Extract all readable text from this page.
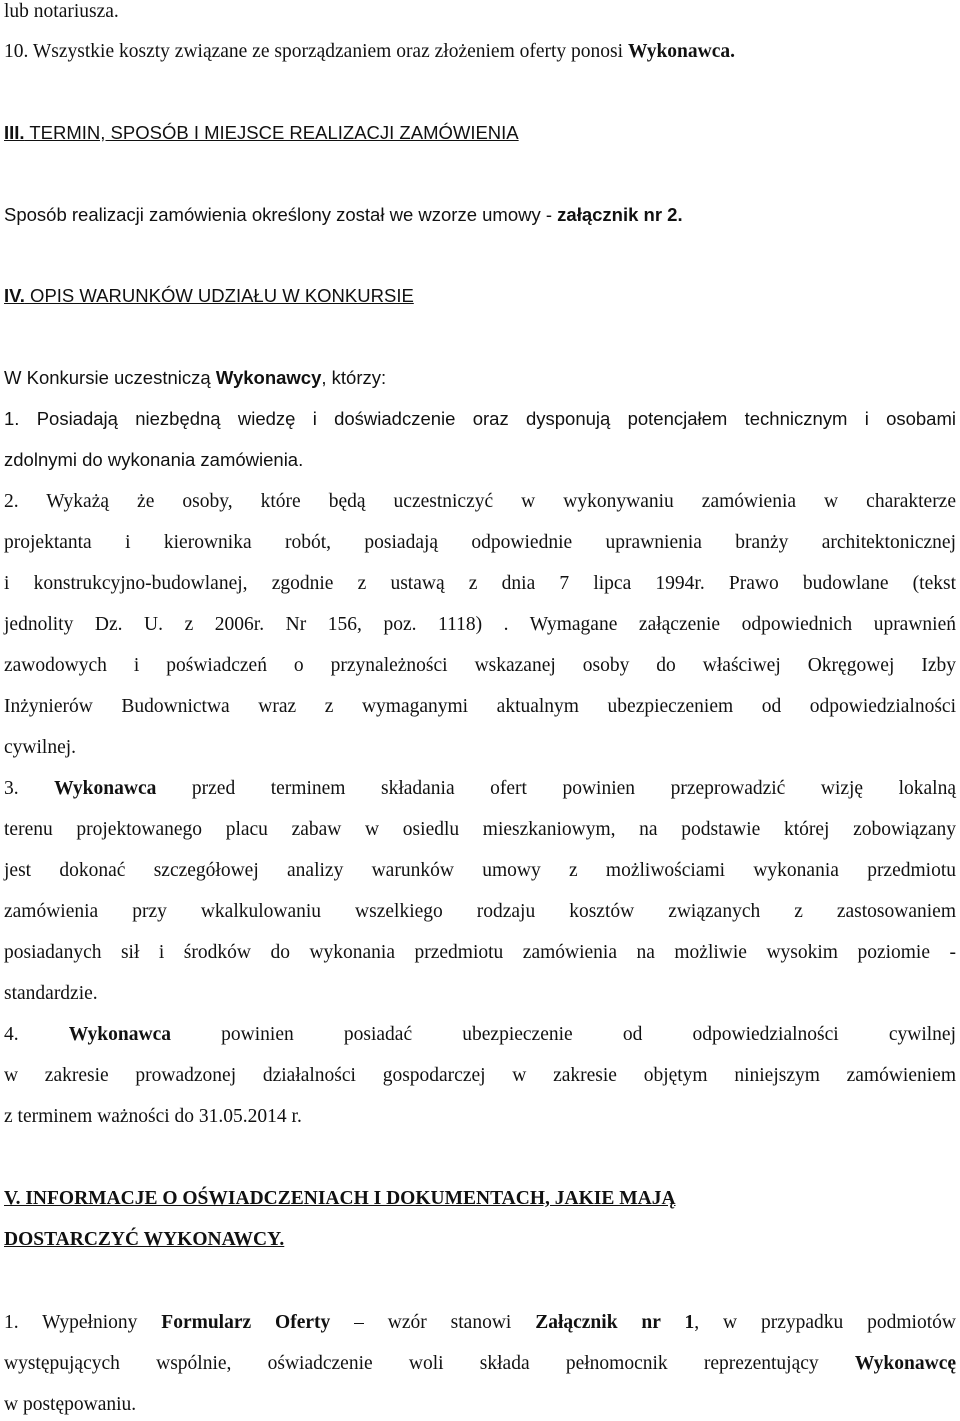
lub notariusza.
10. Wszystkie koszty związane ze sporządzaniem oraz złożeniem oferty ponosi Wykonawca.
III. TERMIN, SPOSÓB I MIEJSCE REALIZACJI ZAMÓWIENIA
Sposób realizacji zamówienia określony został we wzorze umowy - załącznik nr 2.
IV. OPIS WARUNKÓW UDZIAŁU W KONKURSIE
W Konkursie uczestniczą Wykonawcy, którzy:
1. Posiadają niezbędną wiedzę i doświadczenie oraz dysponują potencjałem technicznym i osobami
zdolnymi do wykonania zamówienia.
2. Wykażą że osoby, które będą uczestniczyć w wykonywaniu zamówienia w charakterze
projektanta i kierownika robót, posiadają odpowiednie uprawnienia branży architektonicznej
i konstrukcyjno-budowlanej, zgodnie z ustawą z dnia 7 lipca 1994r. Prawo budowlane (tekst
jednolity Dz. U. z 2006r. Nr 156, poz. 1118) . Wymagane załączenie odpowiednich uprawnień
zawodowych i poświadczeń o przynależności wskazanej osoby do właściwej Okręgowej Izby
Inżynierów Budownictwa wraz z wymaganymi aktualnym ubezpieczeniem od odpowiedzialności
cywilnej.
3. Wykonawca przed terminem składania ofert powinien przeprowadzić wizję lokalną
terenu projektowanego placu zabaw w osiedlu mieszkaniowym, na podstawie której zobowiązany
jest dokonać szczegółowej analizy warunków umowy z możliwościami wykonania przedmiotu
zamówienia przy wkalkulowaniu wszelkiego rodzaju kosztów związanych z zastosowaniem
posiadanych sił i środków do wykonania przedmiotu zamówienia na możliwie wysokim poziomie -
standardzie.
4. Wykonawca powinien posiadać ubezpieczenie od odpowiedzialności cywilnej
w zakresie prowadzonej działalności gospodarczej w zakresie objętym niniejszym zamówieniem
z terminem ważności do 31.05.2014 r.
V. INFORMACJE O OŚWIADCZENIACH I DOKUMENTACH, JAKIE MAJĄ
DOSTARCZYĆ WYKONAWCY.
1. Wypełniony Formularz Oferty – wzór stanowi Załącznik nr 1, w przypadku podmiotów
występujących wspólnie, oświadczenie woli składa pełnomocnik reprezentujący Wykonawcę
w postępowaniu.
